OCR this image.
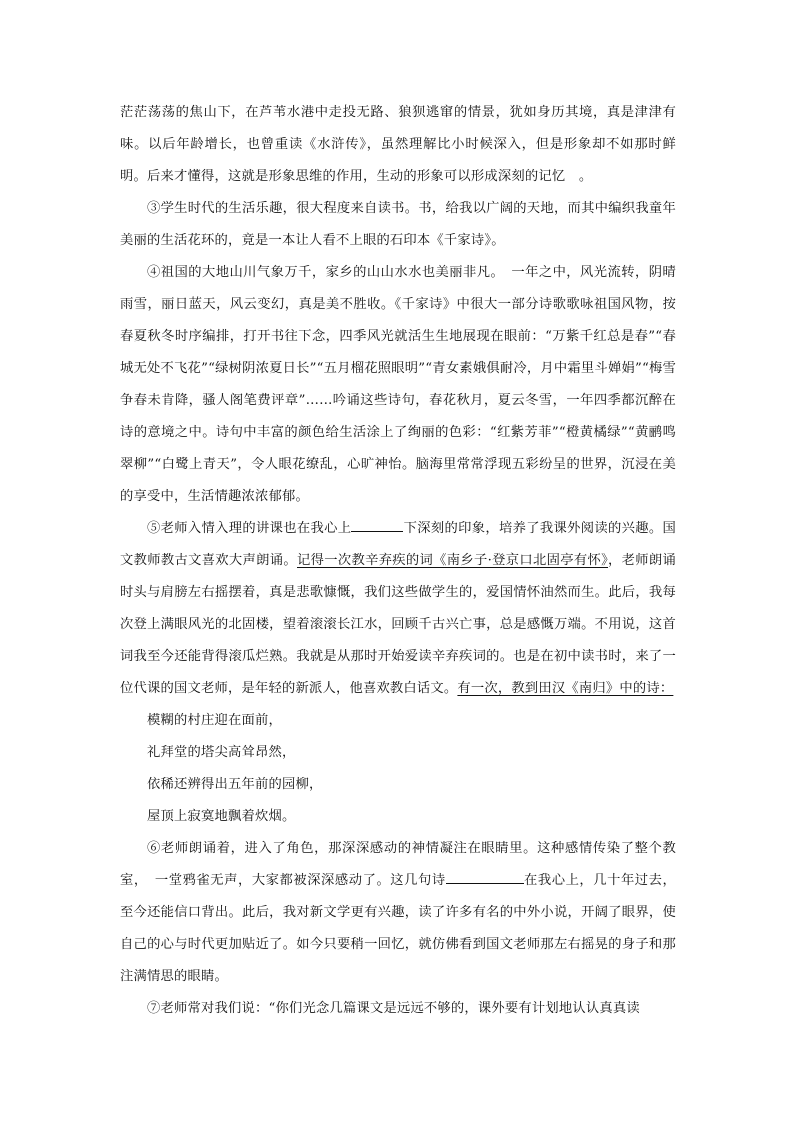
茫茫荡荡的焦山下，在芦苇水港中走投无路、狼狈逃窜的情景，犹如身历其境，真是津津有味。以后年龄增长，也曾重读《水浒传》，虽然理解比小时候深入，但是形象却不如那时鲜明。后来才懂得，这就是形象思维的作用，生动的形象可以形成深刻的记忆　。

③学生时代的生活乐趣，很大程度来自读书。书，给我以广阔的天地，而其中编织我童年美丽的生活花环的，竟是一本让人看不上眼的石印本《千家诗》。

④祖国的大地山川气象万千，家乡的山山水水也美丽非凡。　一年之中，风光流转，阴晴雨雪，丽日蓝天，风云变幻，真是美不胜收。《千家诗》中很大一部分诗歌歌咏祖国风物，按春夏秋冬时序编排，打开书往下念，四季风光就活生生地展现在眼前：“万紫千红总是春”“春城无处不飞花”“绿树阴浓夏日长”“五月榴花照眼明”“青女素娥俱耐冷，月中霜里斗婵娟”“梅雪争春未肯降，骚人阁笔费评章”……吟诵这些诗句，春花秋月，夏云冬雪，一年四季都沉醉在诗的意境之中。诗句中丰富的颜色给生活涂上了绚丽的色彩：“红紫芳菲”“橙黄橘绿”“黄鹂鸣翠柳”“白鹭上青天”，令人眼花缭乱，心旷神怡。脑海里常常浮现五彩纷呈的世界，沉浸在美的享受中，生活情趣浓浓郁郁。

⑤老师入情入理的讲课也在我心上	下深刻的印象，培养了我课外阅读的兴趣。国文教师教古文喜欢大声朗诵。记得一次教辛弃疾的词《南乡子·登京口北固亭有怀》，老师朗诵时头与肩膀左右摇摆着，真是悲歌慷慨，我们这些做学生的，爱国情怀油然而生。此后，我每次登上满眼风光的北固楼，望着滚滚长江水，回顾千古兴亡事，总是感慨万端。不用说，这首词我至今还能背得滚瓜烂熟。我就是从那时开始爱读辛弃疾词的。也是在初中读书时，来了一位代课的国文老师，是年轻的新派人，他喜欢教白话文。有一次，教到田汉《南归》中的诗：

模糊的村庄迎在面前，

礼拜堂的塔尖高耸昂然，

依稀还辨得出五年前的园柳，

屋顶上寂寞地飘着炊烟。

⑥老师朗诵着，进入了角色，那深深感动的神情凝注在眼睛里。这种感情传染了整个教室，　一堂鸦雀无声，大家都被深深感动了。这几句诗	在我心上，几十年过去，至今还能信口背出。此后，我对新文学更有兴趣，读了许多有名的中外小说，开阔了眼界，使自己的心与时代更加贴近了。如今只要稍一回忆，就仿佛看到国文老师那左右摇晃的身子和那注满情思的眼睛。

⑦老师常对我们说：“你们光念几篇课文是远远不够的，课外要有计划地认认真真读
